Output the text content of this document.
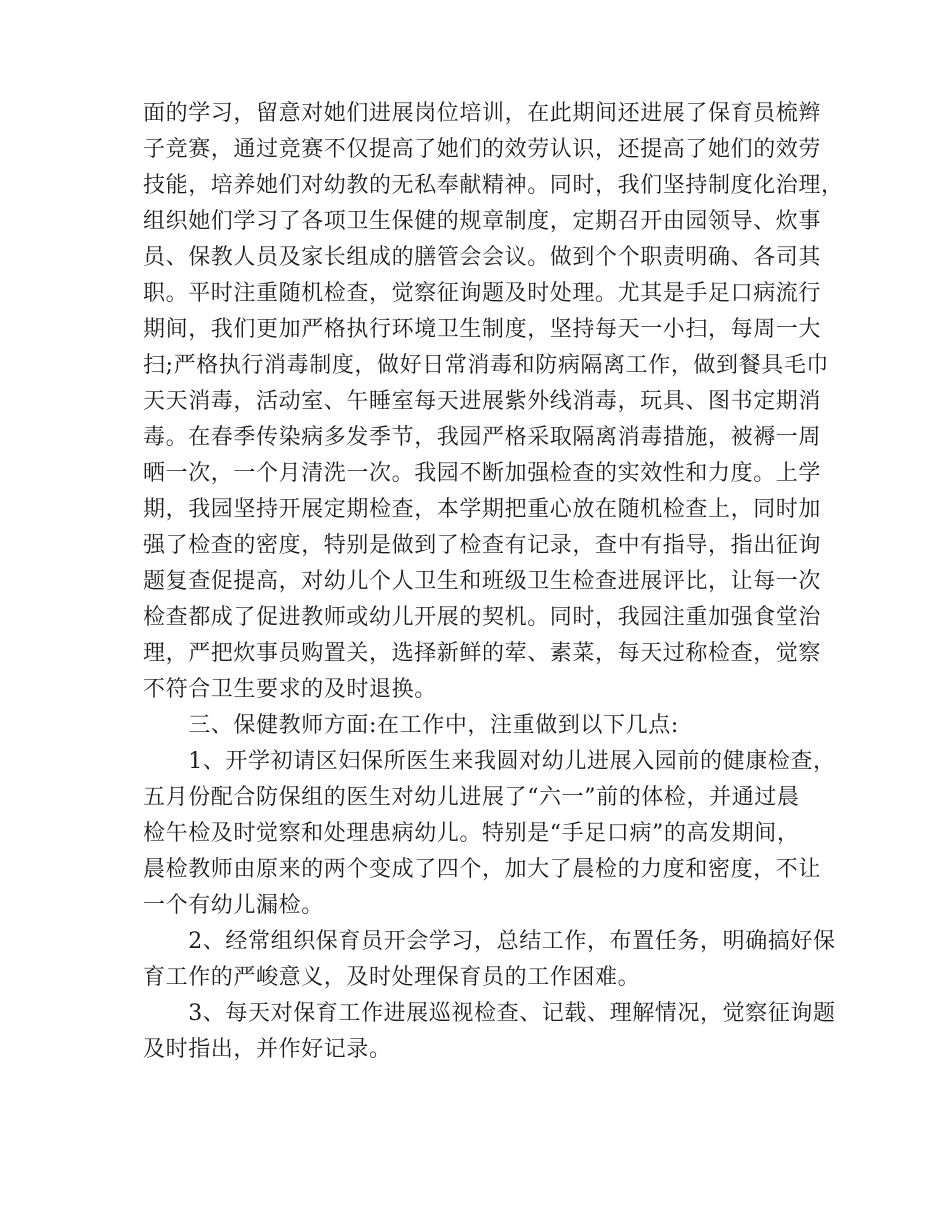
面的学习，留意对她们进展岗位培训，在此期间还进展了保育员梳辫
子竞赛，通过竞赛不仅提高了她们的效劳认识，还提高了她们的效劳
技能，培养她们对幼教的无私奉献精神。同时，我们坚持制度化治理，
组织她们学习了各项卫生保健的规章制度，定期召开由园领导、炊事
员、保教人员及家长组成的膳管会会议。做到个个职责明确、各司其
职。平时注重随机检查，觉察征询题及时处理。尤其是手足口病流行
期间，我们更加严格执行环境卫生制度，坚持每天一小扫，每周一大
扫;严格执行消毒制度，做好日常消毒和防病隔离工作，做到餐具毛巾
天天消毒，活动室、午睡室每天进展紫外线消毒，玩具、图书定期消
毒。在春季传染病多发季节，我园严格采取隔离消毒措施，被褥一周
晒一次，一个月清洗一次。我园不断加强检查的实效性和力度。上学
期，我园坚持开展定期检查，本学期把重心放在随机检查上，同时加
强了检查的密度，特别是做到了检查有记录，查中有指导，指出征询
题复查促提高，对幼儿个人卫生和班级卫生检查进展评比，让每一次
检查都成了促进教师或幼儿开展的契机。同时，我园注重加强食堂治
理，严把炊事员购置关，选择新鲜的荤、素菜，每天过称检查，觉察
不符合卫生要求的及时退换。
　　三、保健教师方面:在工作中，注重做到以下几点:
　　1、开学初请区妇保所医生来我圆对幼儿进展入园前的健康检查，
五月份配合防保组的医生对幼儿进展了“六一”前的体检，并通过晨
检午检及时觉察和处理患病幼儿。特别是“手足口病”的高发期间，
晨检教师由原来的两个变成了四个，加大了晨检的力度和密度，不让
一个有幼儿漏检。
　　2、经常组织保育员开会学习，总结工作，布置任务，明确搞好保
育工作的严峻意义，及时处理保育员的工作困难。
　　3、每天对保育工作进展巡视检查、记载、理解情况，觉察征询题
及时指出，并作好记录。
